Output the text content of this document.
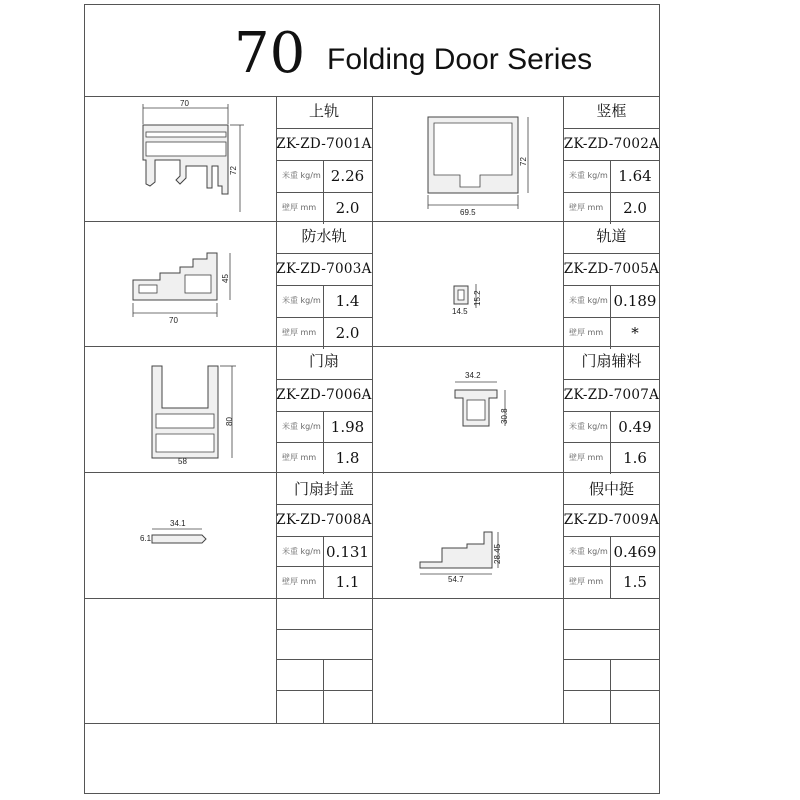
70 Folding Door Series
上轨
ZK-ZD-7001A
米重 kg/m 2.26
壁厚 mm	2.0
70
72
竖框
ZK-ZD-7002A
米重 kg/m 1.64
壁厚 mm	2.0
69.5
72
防水轨
ZK-ZD-7003A
米重 kg/m 1.4
壁厚 mm	2.0
70
45
轨道
ZK-ZD-7005A
米重 kg/m 0.189
壁厚 mm	*
14.5
15.2
门扇
ZK-ZD-7006A
米重 kg/m 1.98
壁厚 mm	1.8
58
80
门扇辅料
ZK-ZD-7007A
米重 kg/m 0.49
壁厚 mm	1.6
34.2
30.8
门扇封盖
ZK-ZD-7008A
米重 kg/m 0.131
壁厚 mm	1.1
34.1
6.1
假中挺
ZK-ZD-7009A
米重 kg/m 0.469
壁厚 mm	1.5
54.7
28.45
